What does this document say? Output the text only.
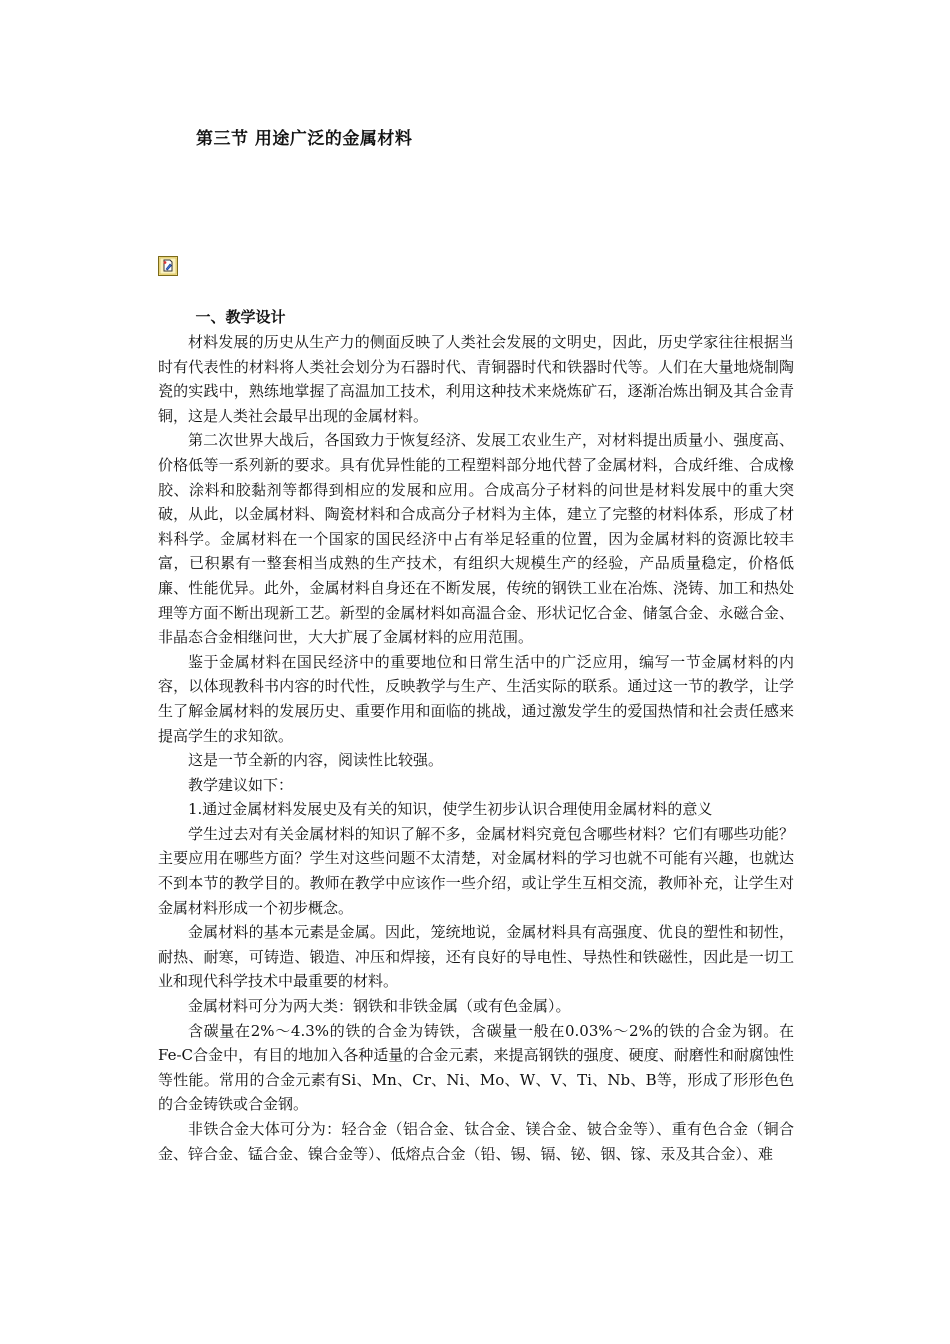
第三节 用途广泛的金属材料
一、教学设计

材料发展的历史从生产力的侧面反映了人类社会发展的文明史，因此，历史学家往往根据当时有代表性的材料将人类社会划分为石器时代、青铜器时代和铁器时代等。人们在大量地烧制陶瓷的实践中，熟练地掌握了高温加工技术，利用这种技术来烧炼矿石，逐渐冶炼出铜及其合金青铜，这是人类社会最早出现的金属材料。

第二次世界大战后，各国致力于恢复经济、发展工农业生产，对材料提出质量小、强度高、价格低等一系列新的要求。具有优异性能的工程塑料部分地代替了金属材料，合成纤维、合成橡胶、涂料和胶黏剂等都得到相应的发展和应用。合成高分子材料的问世是材料发展中的重大突破，从此，以金属材料、陶瓷材料和合成高分子材料为主体，建立了完整的材料体系，形成了材料科学。金属材料在一个国家的国民经济中占有举足轻重的位置，因为金属材料的资源比较丰富，已积累有一整套相当成熟的生产技术，有组织大规模生产的经验，产品质量稳定，价格低廉、性能优异。此外，金属材料自身还在不断发展，传统的钢铁工业在冶炼、浇铸、加工和热处理等方面不断出现新工艺。新型的金属材料如高温合金、形状记忆合金、储氢合金、永磁合金、非晶态合金相继问世，大大扩展了金属材料的应用范围。

鉴于金属材料在国民经济中的重要地位和日常生活中的广泛应用，编写一节金属材料的内容，以体现教科书内容的时代性，反映教学与生产、生活实际的联系。通过这一节的教学，让学生了解金属材料的发展历史、重要作用和面临的挑战，通过激发学生的爱国热情和社会责任感来提高学生的求知欲。

这是一节全新的内容，阅读性比较强。

教学建议如下：

1.通过金属材料发展史及有关的知识，使学生初步认识合理使用金属材料的意义

学生过去对有关金属材料的知识了解不多，金属材料究竟包含哪些材料？它们有哪些功能？主要应用在哪些方面？学生对这些问题不太清楚，对金属材料的学习也就不可能有兴趣，也就达不到本节的教学目的。教师在教学中应该作一些介绍，或让学生互相交流，教师补充，让学生对金属材料形成一个初步概念。

金属材料的基本元素是金属。因此，笼统地说，金属材料具有高强度、优良的塑性和韧性，耐热、耐寒，可铸造、锻造、冲压和焊接，还有良好的导电性、导热性和铁磁性，因此是一切工业和现代科学技术中最重要的材料。

金属材料可分为两大类：钢铁和非铁金属（或有色金属）。

含碳量在2%～4.3%的铁的合金为铸铁，含碳量一般在0.03%～2%的铁的合金为钢。在Fe-C合金中，有目的地加入各种适量的合金元素，来提高钢铁的强度、硬度、耐磨性和耐腐蚀性等性能。常用的合金元素有Si、Mn、Cr、Ni、Mo、W、V、Ti、Nb、B等，形成了形形色色的合金铸铁或合金钢。

非铁合金大体可分为：轻合金（铝合金、钛合金、镁合金、铍合金等）、重有色合金（铜合金、锌合金、锰合金、镍合金等）、低熔点合金（铅、锡、镉、铋、铟、镓、汞及其合金）、难
